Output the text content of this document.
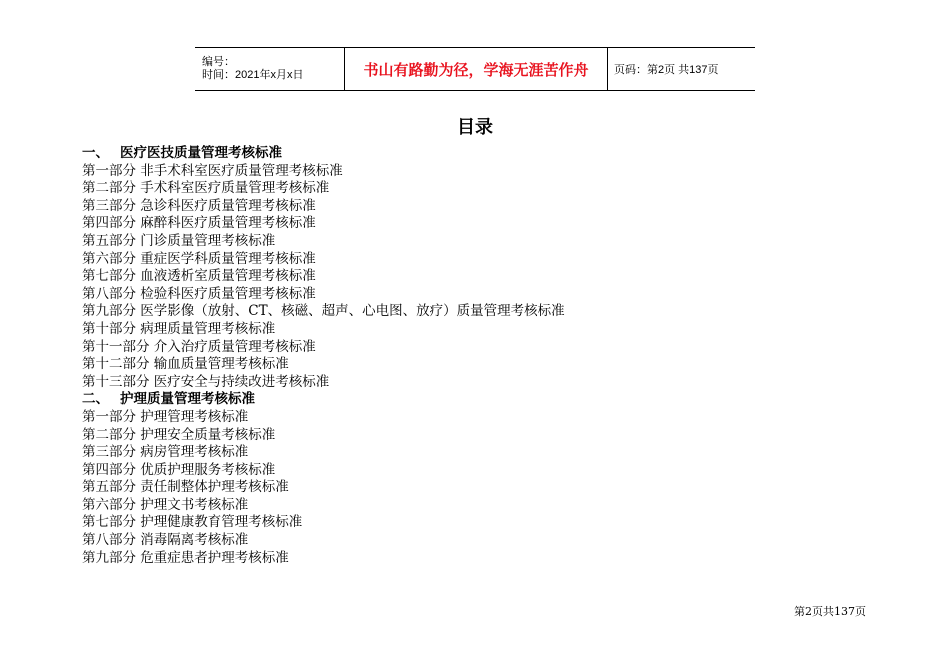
编号：
时间：2021年x月x日	书山有路勤为径，学海无涯苦作舟	页码：第2页 共137页
目录
一、 医疗医技质量管理考核标准
第一部分 非手术科室医疗质量管理考核标准
第二部分 手术科室医疗质量管理考核标准
第三部分 急诊科医疗质量管理考核标准
第四部分 麻醉科医疗质量管理考核标准
第五部分 门诊质量管理考核标准
第六部分 重症医学科质量管理考核标准
第七部分 血液透析室质量管理考核标准
第八部分 检验科医疗质量管理考核标准
第九部分 医学影像（放射、CT、核磁、超声、心电图、放疗）质量管理考核标准
第十部分 病理质量管理考核标准
第十一部分 介入治疗质量管理考核标准
第十二部分 输血质量管理考核标准
第十三部分 医疗安全与持续改进考核标准
二、 护理质量管理考核标准
第一部分 护理管理考核标准
第二部分 护理安全质量考核标准
第三部分 病房管理考核标准
第四部分 优质护理服务考核标准
第五部分 责任制整体护理考核标准
第六部分 护理文书考核标准
第七部分 护理健康教育管理考核标准
第八部分 消毒隔离考核标准
第九部分 危重症患者护理考核标准
第2页共137页
